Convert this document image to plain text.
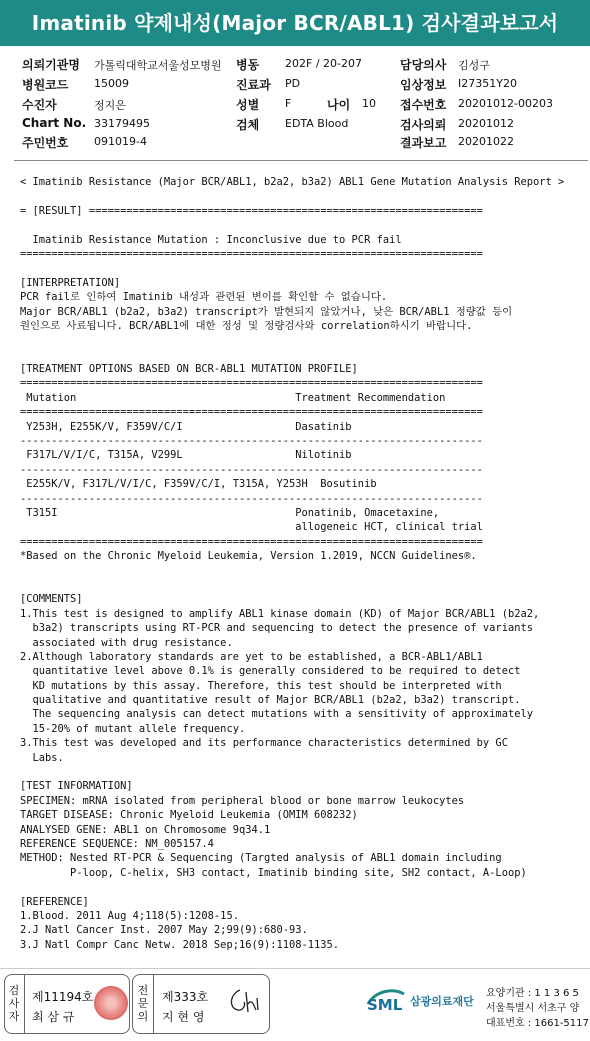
Imatinib 약제내성(Major BCR/ABL1) 검사결과보고서
의뢰기관명 가톨릭대학교서울성모병원
병원코드 15009
수진자	정지은
Chart No. 33179495
주민번호 091019-4
병동 202F / 20-207
진료과 PD
성별 F	나이 10
검체 EDTA Blood
담당의사 김성구
임상정보 I27351Y20
접수번호 20201012-00203
검사의뢰 20201012
결과보고 20201022
< Imatinib Resistance (Major BCR/ABL1, b2a2, b3a2) ABL1 Gene Mutation Analysis Report >
= [RESULT] ===============================================================
Imatinib Resistance Mutation : Inconclusive due to PCR fail
==========================================================================
[INTERPRETATION]
PCR fail로 인하여 Imatinib 내성과 관련된 변이를 확인할 수 없습니다.
Major BCR/ABL1 (b2a2, b3a2) transcript가 발현되지 않았거나, 낮은 BCR/ABL1 정량값 등이
원인으로 사료됩니다. BCR/ABL1에 대한 정성 및 정량검사와 correlation하시기 바랍니다.
[TREATMENT OPTIONS BASED ON BCR-ABL1 MUTATION PROFILE]
==========================================================================
Mutation                                   Treatment Recommendation
==========================================================================
Y253H, E255K/V, F359V/C/I                  Dasatinib
--------------------------------------------------------------------------
F317L/V/I/C, T315A, V299L                  Nilotinib
--------------------------------------------------------------------------
E255K/V, F317L/V/I/C, F359V/C/I, T315A, Y253H  Bosutinib
--------------------------------------------------------------------------
T315I                                      Ponatinib, Omacetaxine,
allogeneic HCT, clinical trial
==========================================================================
*Based on the Chronic Myeloid Leukemia, Version 1.2019, NCCN Guidelines®.
[COMMENTS]
1.This test is designed to amplify ABL1 kinase domain (KD) of Major BCR/ABL1 (b2a2,
b3a2) transcripts using RT-PCR and sequencing to detect the presence of variants
associated with drug resistance.
2.Although laboratory standards are yet to be established, a BCR-ABL1/ABL1
quantitative level above 0.1% is generally considered to be required to detect
KD mutations by this assay. Therefore, this test should be interpreted with
qualitative and quantitative result of Major BCR/ABL1 (b2a2, b3a2) transcript.
The sequencing analysis can detect mutations with a sensitivity of approximately
15-20% of mutant allele frequency.
3.This test was developed and its performance characteristics determined by GC
Labs.
[TEST INFORMATION]
SPECIMEN: mRNA isolated from peripheral blood or bone marrow leukocytes
TARGET DISEASE: Chronic Myeloid Leukemia (OMIM 608232)
ANALYSED GENE: ABL1 on Chromosome 9q34.1
REFERENCE SEQUENCE: NM_005157.4
METHOD: Nested RT-PCR & Sequencing (Targted analysis of ABL1 domain including
P-loop, C-helix, SH3 contact, Imatinib binding site, SH2 contact, A-Loop)
[REFERENCE]
1.Blood. 2011 Aug 4;118(5):1208-15.
2.J Natl Cancer Inst. 2007 May 2;99(9):680-93.
3.J Natl Compr Canc Netw. 2018 Sep;16(9):1108-1135.
검사자
제11194호
최 삼 규
전문의
제333호
지 현 영
SML 삼광의료재단
요양기관 : 1 1 3 6 5
서울특별시 서초구 양
대표번호 : 1661-5117
